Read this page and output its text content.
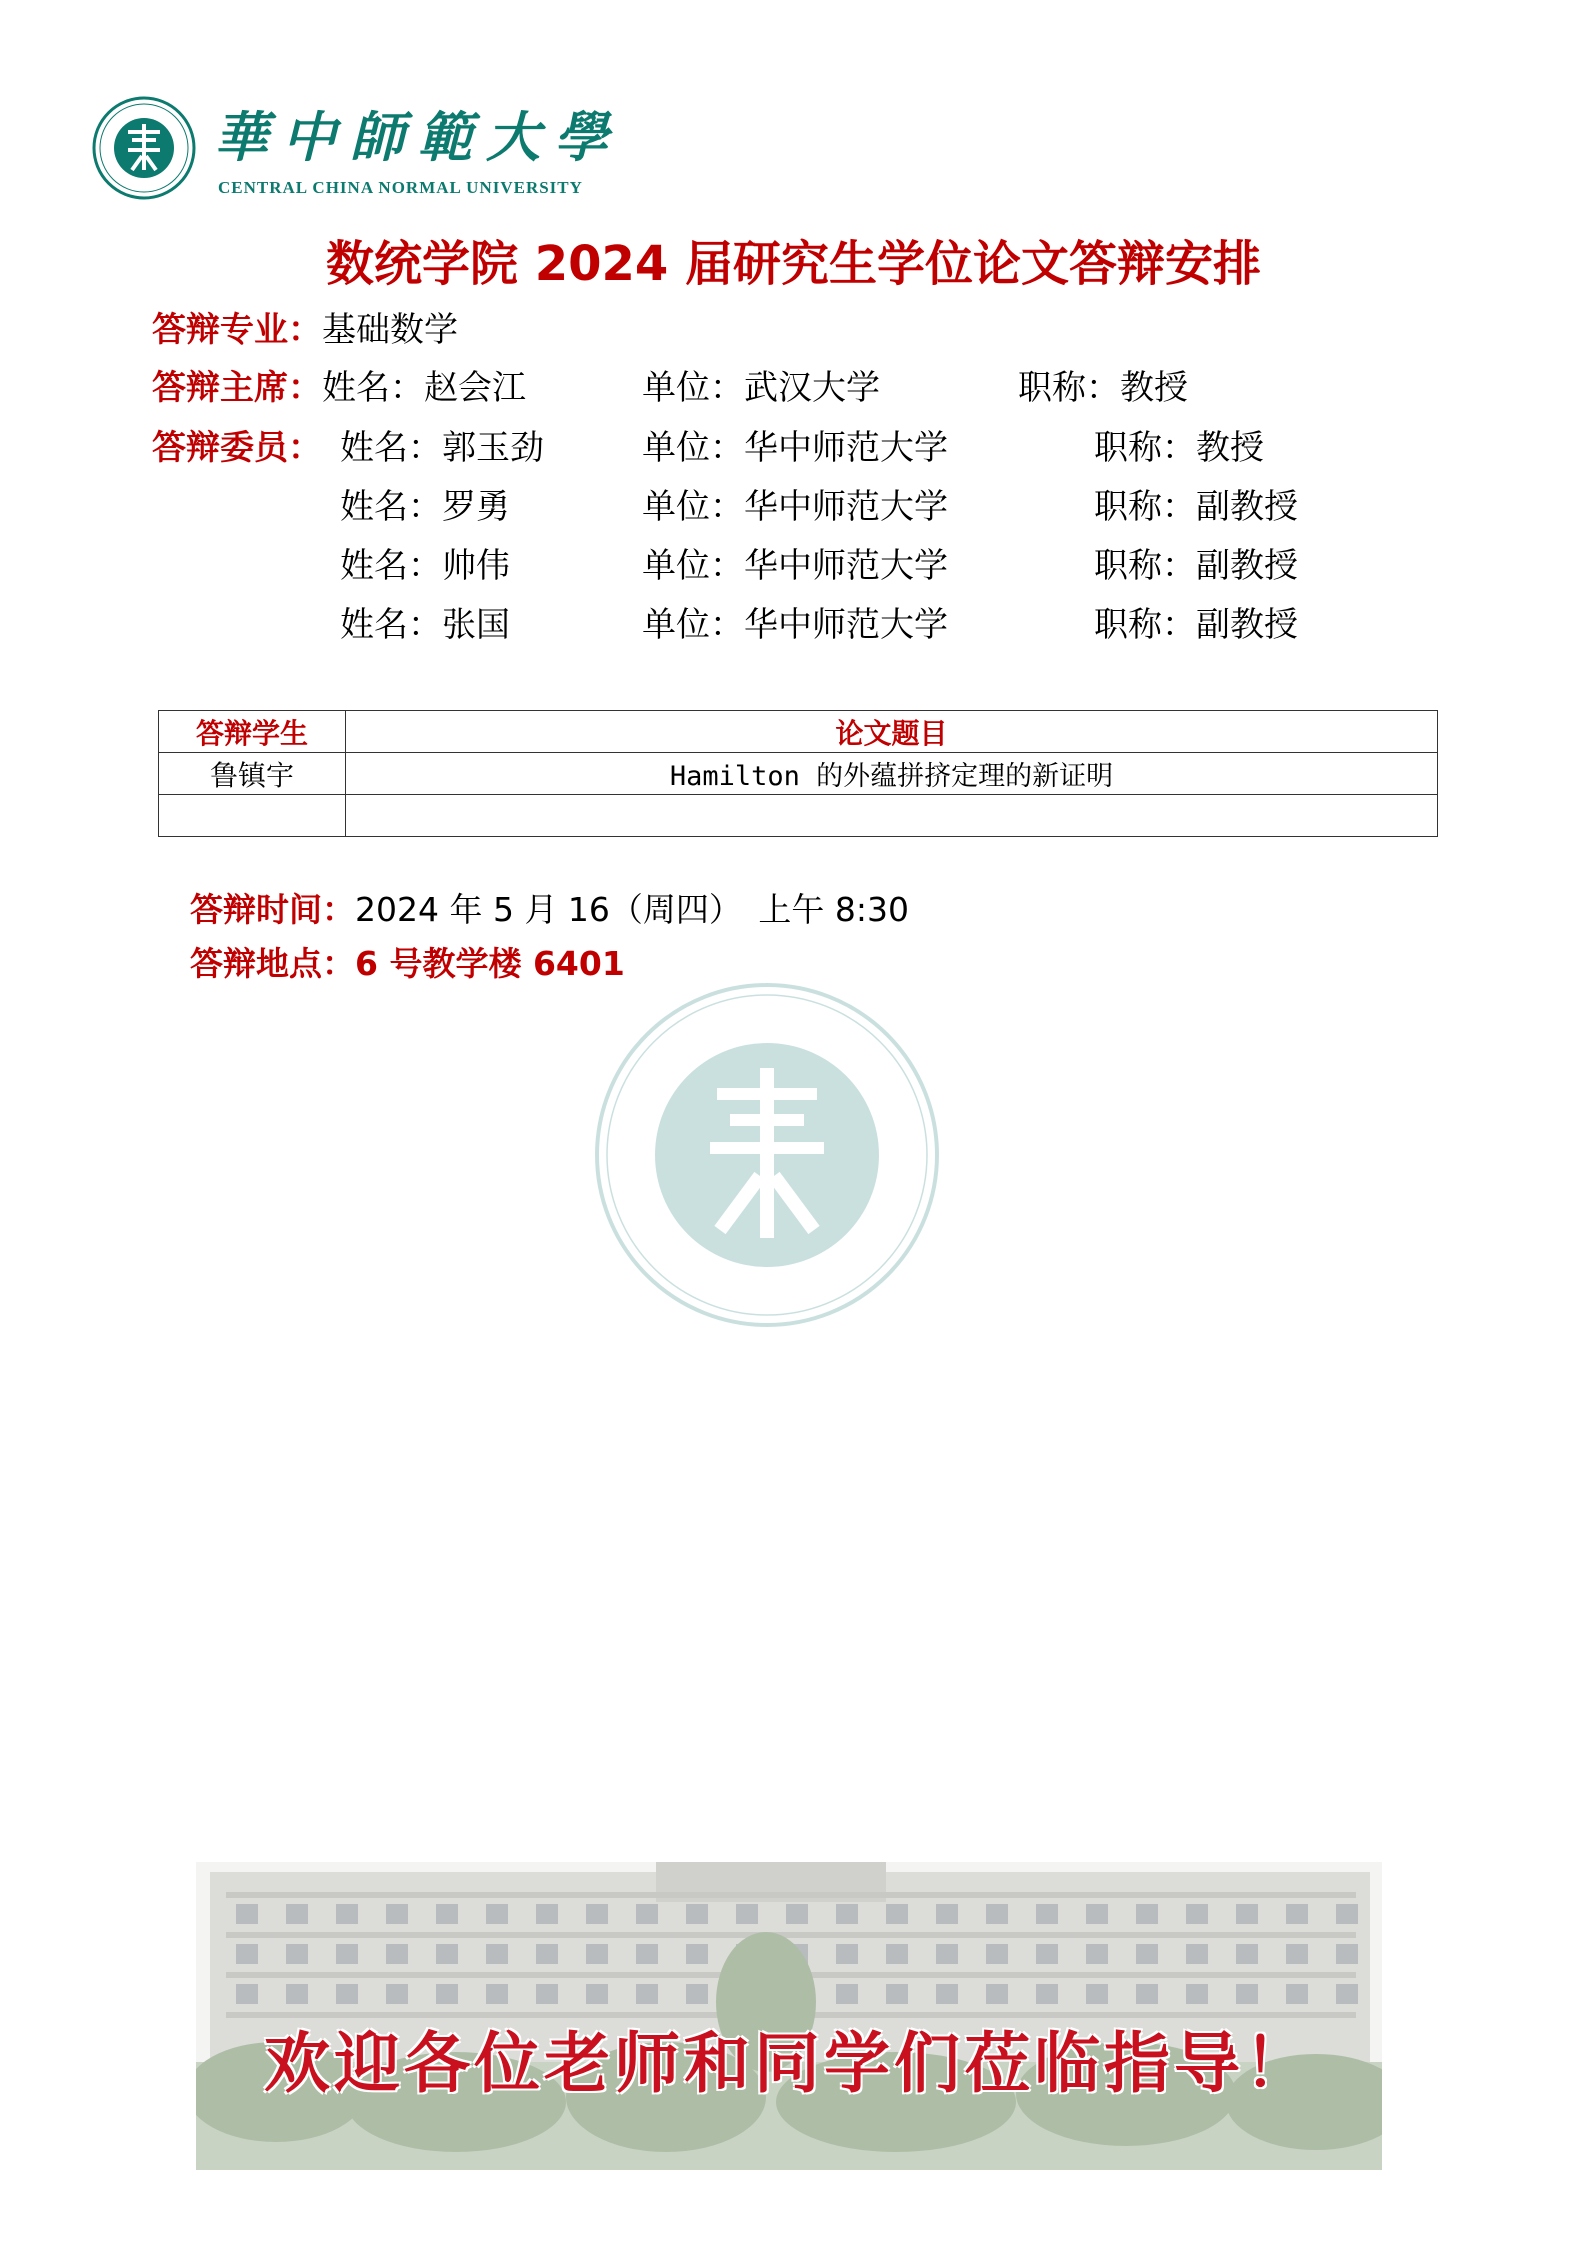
華中師範大學
CENTRAL CHINA NORMAL UNIVERSITY
数统学院 2024 届研究生学位论文答辩安排
答辩专业：基础数学
答辩主席：姓名：赵会江	单位：武汉大学	职称：教授
答辩委员： 姓名：郭玉劲	单位：华中师范大学	职称：教授
姓名：罗勇	单位：华中师范大学	职称：副教授
姓名：帅伟	单位：华中师范大学	职称：副教授
姓名：张国	单位：华中师范大学	职称：副教授
答辩学生	论文题目
鲁镇宇	Hamilton 的外蕴拼挤定理的新证明

答辩时间：2024 年 5 月 16（周四）　上午 8:30
答辩地点：6 号教学楼 6401
欢迎各位老师和同学们莅临指导！
